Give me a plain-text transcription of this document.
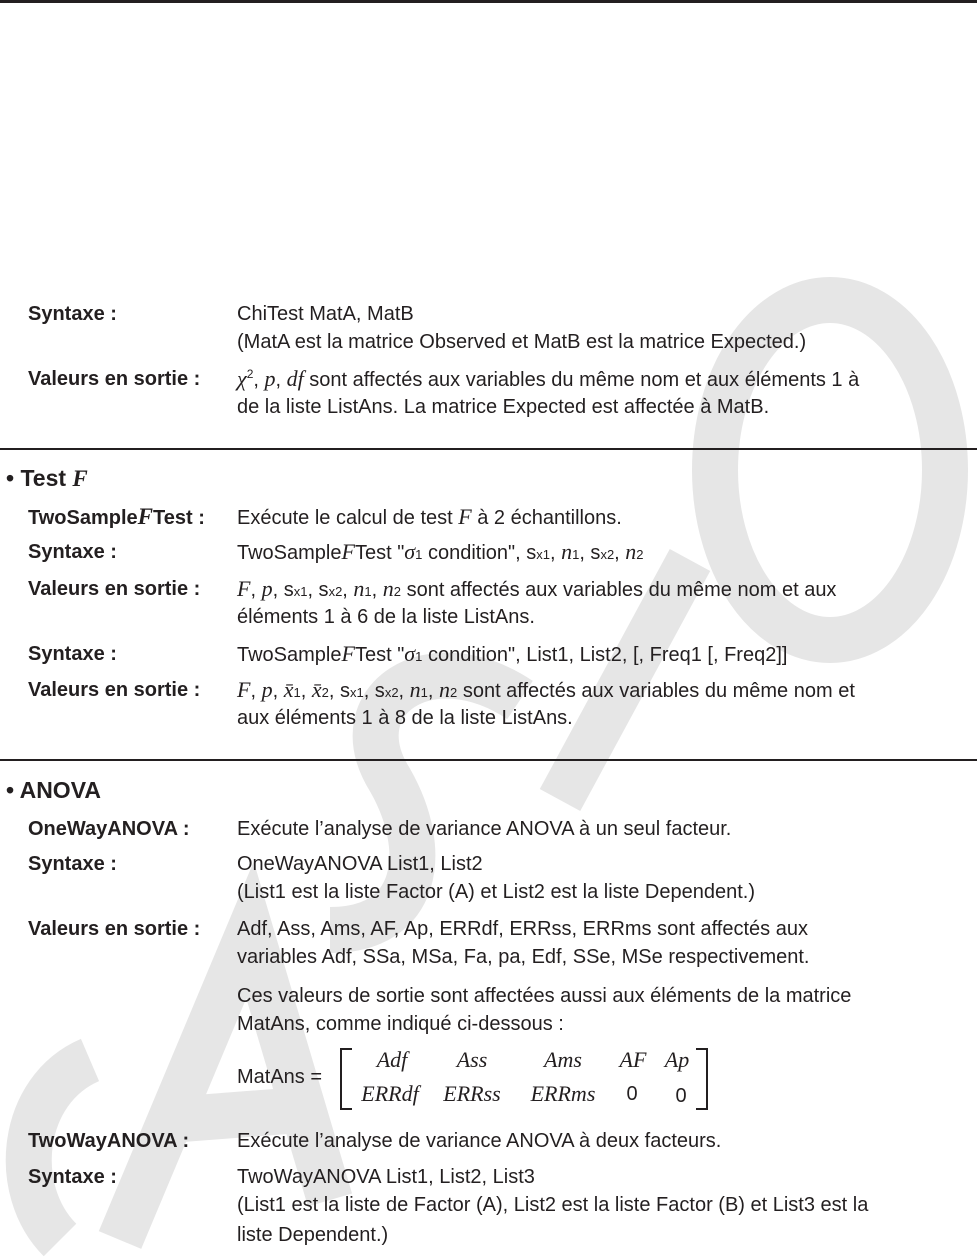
Syntaxe :	ChiTest MatA, MatB
(MatA est la matrice Observed et MatB est la matrice Expected.)
Valeurs en sortie : $\chi^2$, p, df sont affectés aux variables du même nom et aux éléments 1 à
de la liste ListAns. La matrice Expected est affectée à MatB.
• Test F
TwoSampleFTest : Exécute le calcul de test F à 2 échantillons.
Syntaxe :	TwoSampleFTest "σ1 condition", sx1, n1, sx2, n2
Valeurs en sortie : F, p, sx1, sx2, n1, n2 sont affectés aux variables du même nom et aux
éléments 1 à 6 de la liste ListAns.
Syntaxe :	TwoSampleFTest "σ1 condition", List1, List2, [, Freq1 [, Freq2]]
Valeurs en sortie : F, p, x̄1, x̄2, sx1, sx2, n1, n2 sont affectés aux variables du même nom et
aux éléments 1 à 8 de la liste ListAns.
• ANOVA
OneWayANOVA : Exécute l’analyse de variance ANOVA à un seul facteur.
Syntaxe :	OneWayANOVA List1, List2
(List1 est la liste Factor (A) et List2 est la liste Dependent.)
Valeurs en sortie : Adf, Ass, Ams, AF, Ap, ERRdf, ERRss, ERRms sont affectés aux
variables Adf, SSa, MSa, Fa, pa, Edf, SSe, MSe respectivement.
Ces valeurs de sortie sont affectées aussi aux éléments de la matrice
MatAns, comme indiqué ci-dessous :
MatAns =
Adf Ass	Ams AF Ap
ERRdf ERRss ERRms 0 0
TwoWayANOVA : Exécute l’analyse de variance ANOVA à deux facteurs.
Syntaxe :	TwoWayANOVA List1, List2, List3
(List1 est la liste de Factor (A), List2 est la liste Factor (B) et List3 est la
liste Dependent.)
